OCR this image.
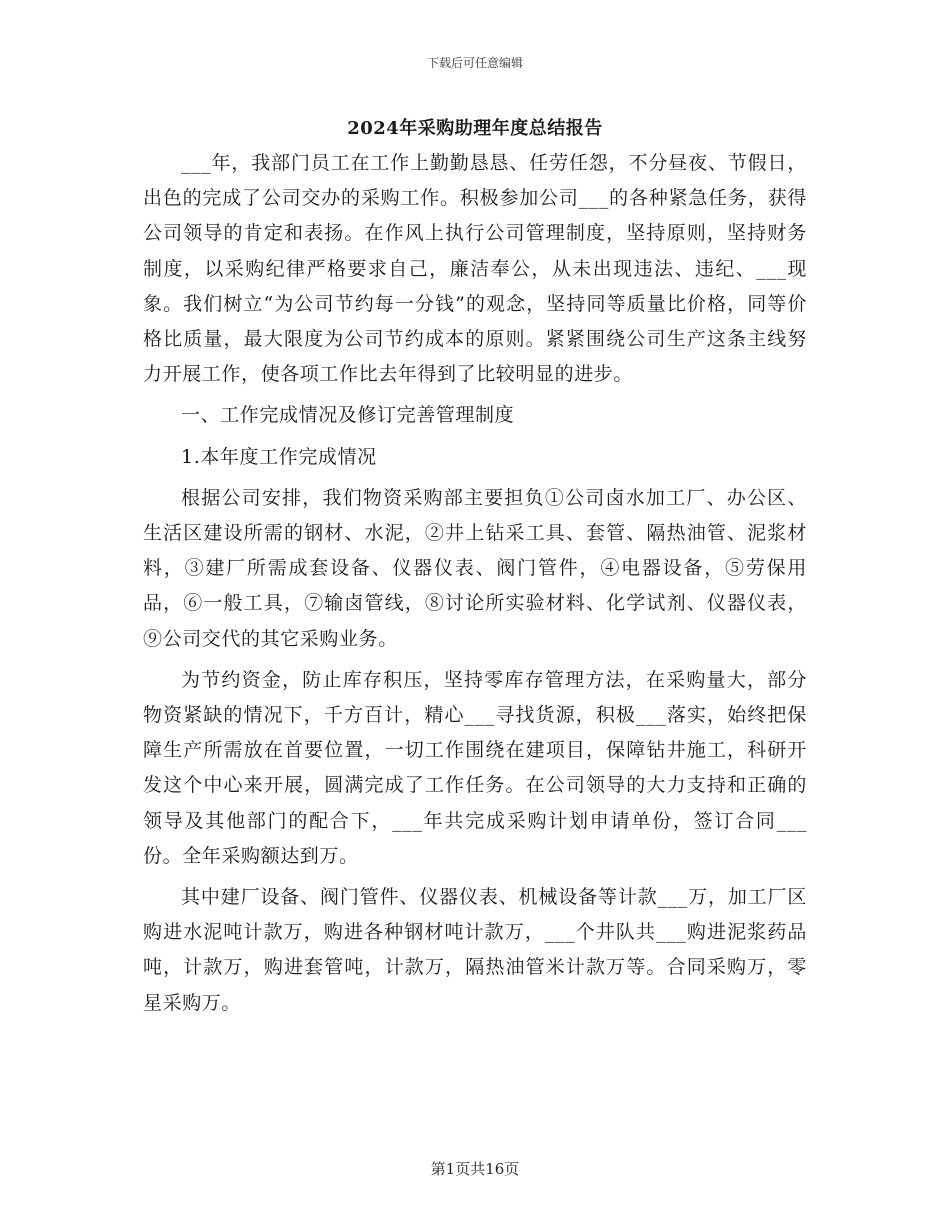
下载后可任意编辑
2024年采购助理年度总结报告

___年，我部门员工在工作上勤勤恳恳、任劳任怨，不分昼夜、节假日，出色的完成了公司交办的采购工作。积极参加公司___的各种紧急任务，获得公司领导的肯定和表扬。在作风上执行公司管理制度，坚持原则，坚持财务制度，以采购纪律严格要求自己，廉洁奉公，从未出现违法、违纪、___现象。我们树立“为公司节约每一分钱”的观念，坚持同等质量比价格，同等价格比质量，最大限度为公司节约成本的原则。紧紧围绕公司生产这条主线努力开展工作，使各项工作比去年得到了比较明显的进步。

一、工作完成情况及修订完善管理制度

1.本年度工作完成情况

根据公司安排，我们物资采购部主要担负①公司卤水加工厂、办公区、生活区建设所需的钢材、水泥，②井上钻采工具、套管、隔热油管、泥浆材料，③建厂所需成套设备、仪器仪表、阀门管件，④电器设备，⑤劳保用品，⑥一般工具，⑦输卤管线，⑧讨论所实验材料、化学试剂、仪器仪表，⑨公司交代的其它采购业务。

为节约资金，防止库存积压，坚持零库存管理方法，在采购量大，部分物资紧缺的情况下，千方百计，精心___寻找货源，积极___落实，始终把保障生产所需放在首要位置，一切工作围绕在建项目，保障钻井施工，科研开发这个中心来开展，圆满完成了工作任务。在公司领导的大力支持和正确的领导及其他部门的配合下，___年共完成采购计划申请单份，签订合同___份。全年采购额达到万。

其中建厂设备、阀门管件、仪器仪表、机械设备等计款___万，加工厂区购进水泥吨计款万，购进各种钢材吨计款万，___个井队共___购进泥浆药品吨，计款万，购进套管吨，计款万，隔热油管米计款万等。合同采购万，零星采购万。

第1页共16页
